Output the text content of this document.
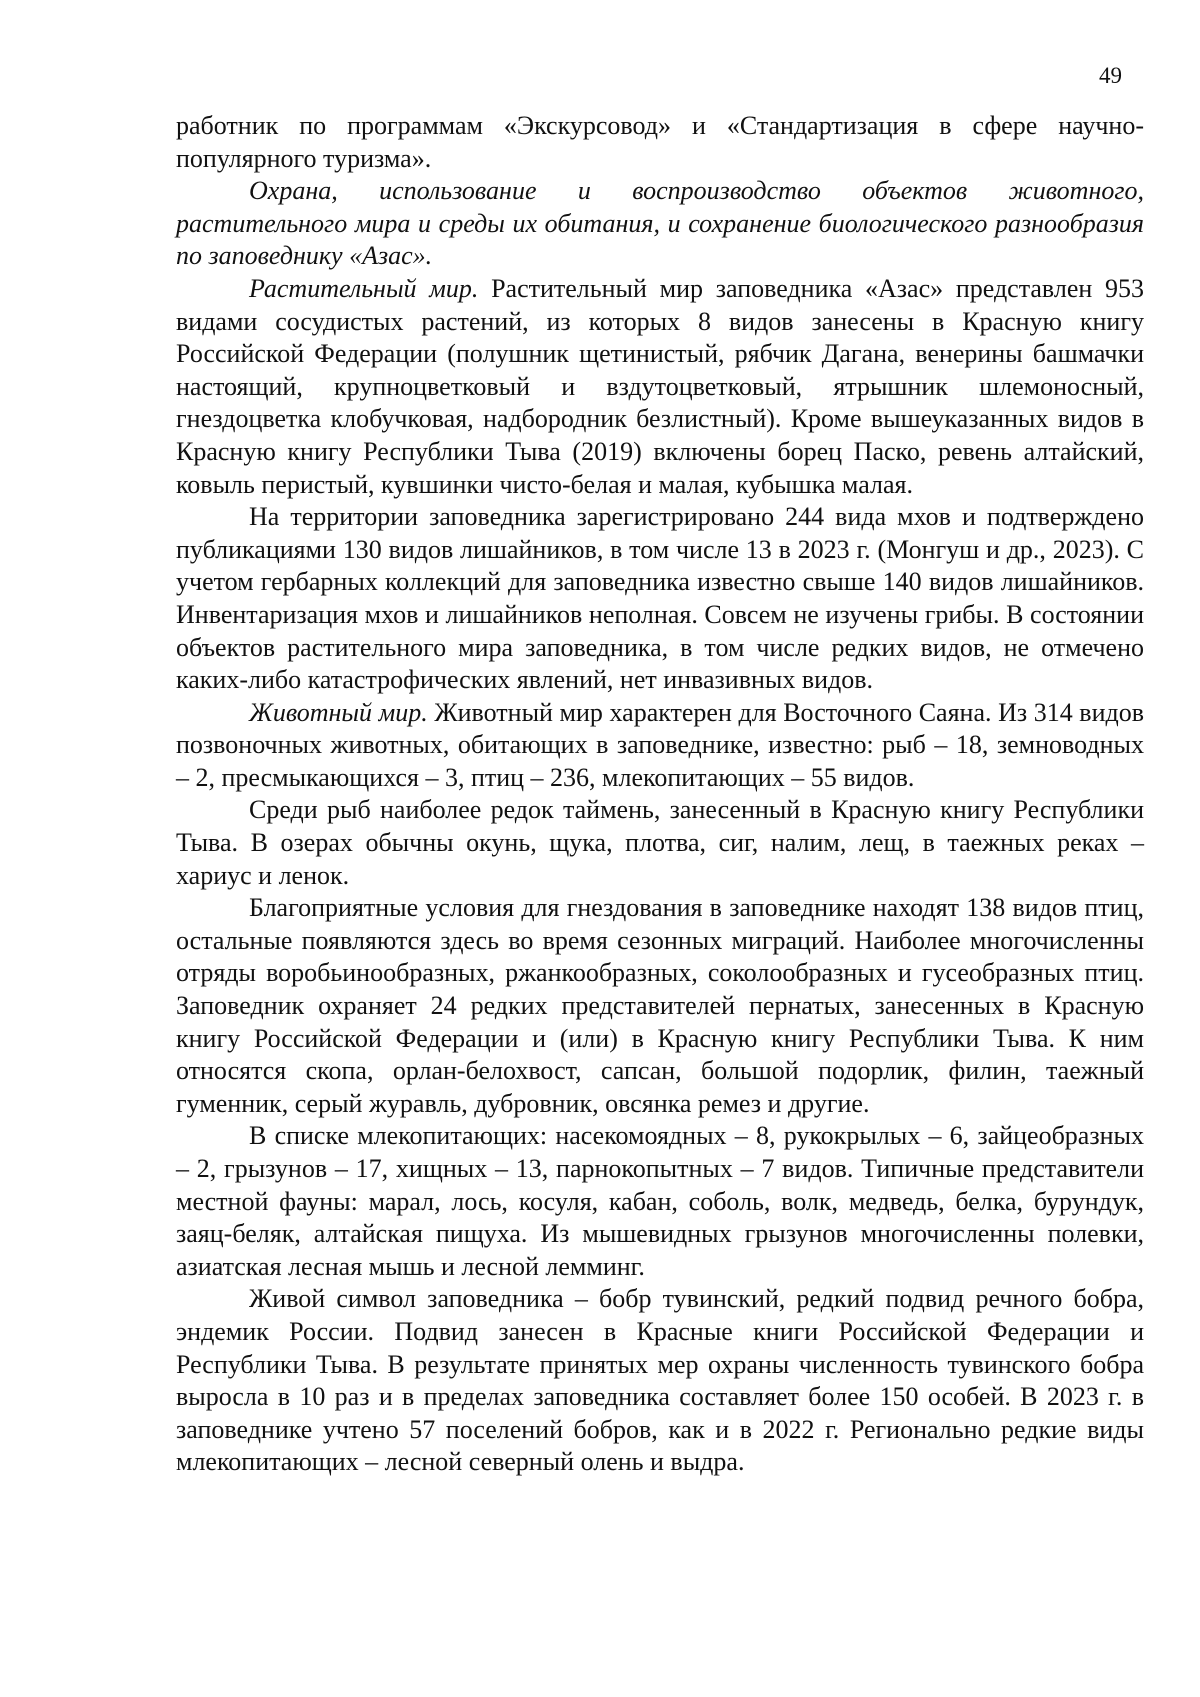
49

работник по программам «Экскурсовод» и «Стандартизация в сфере научно-популярного туризма».

Охрана, использование и воспроизводство объектов животного, растительного мира и среды их обитания, и сохранение биологического разнообразия по заповеднику «Азас».

Растительный мир. Растительный мир заповедника «Азас» представлен 953 видами сосудистых растений, из которых 8 видов занесены в Красную книгу Российской Федерации (полушник щетинистый, рябчик Дагана, венерины башмачки настоящий, крупноцветковый и вздутоцветковый, ятрышник шлемоносный, гнездоцветка клобучковая, надбородник безлистный). Кроме вышеуказанных видов в Красную книгу Республики Тыва (2019) включены борец Паско, ревень алтайский, ковыль перистый, кувшинки чисто-белая и малая, кубышка малая.

На территории заповедника зарегистрировано 244 вида мхов и подтверждено публикациями 130 видов лишайников, в том числе 13 в 2023 г. (Монгуш и др., 2023). С учетом гербарных коллекций для заповедника известно свыше 140 видов лишайников. Инвентаризация мхов и лишайников неполная. Совсем не изучены грибы. В состоянии объектов растительного мира заповедника, в том числе редких видов, не отмечено каких-либо катастрофических явлений, нет инвазивных видов.

Животный мир. Животный мир характерен для Восточного Саяна. Из 314 видов позвоночных животных, обитающих в заповеднике, известно: рыб – 18, земноводных – 2, пресмыкающихся – 3, птиц – 236, млекопитающих – 55 видов.

Среди рыб наиболее редок таймень, занесенный в Красную книгу Республики Тыва. В озерах обычны окунь, щука, плотва, сиг, налим, лещ, в таежных реках – хариус и ленок.

Благоприятные условия для гнездования в заповеднике находят 138 видов птиц, остальные появляются здесь во время сезонных миграций. Наиболее многочисленны отряды воробьинообразных, ржанкообразных, соколообразных и гусеобразных птиц. Заповедник охраняет 24 редких представителей пернатых, занесенных в Красную книгу Российской Федерации и (или) в Красную книгу Республики Тыва. К ним относятся скопа, орлан-белохвост, сапсан, большой подорлик, филин, таежный гуменник, серый журавль, дубровник, овсянка ремез и другие.

В списке млекопитающих: насекомоядных – 8, рукокрылых – 6, зайцеобразных – 2, грызунов – 17, хищных – 13, парнокопытных – 7 видов. Типичные представители местной фауны: марал, лось, косуля, кабан, соболь, волк, медведь, белка, бурундук, заяц-беляк, алтайская пищуха. Из мышевидных грызунов многочисленны полевки, азиатская лесная мышь и лесной лемминг.

Живой символ заповедника – бобр тувинский, редкий подвид речного бобра, эндемик России. Подвид занесен в Красные книги Российской Федерации и Республики Тыва. В результате принятых мер охраны численность тувинского бобра выросла в 10 раз и в пределах заповедника составляет более 150 особей. В 2023 г. в заповеднике учтено 57 поселений бобров, как и в 2022 г. Регионально редкие виды млекопитающих – лесной северный олень и выдра.
